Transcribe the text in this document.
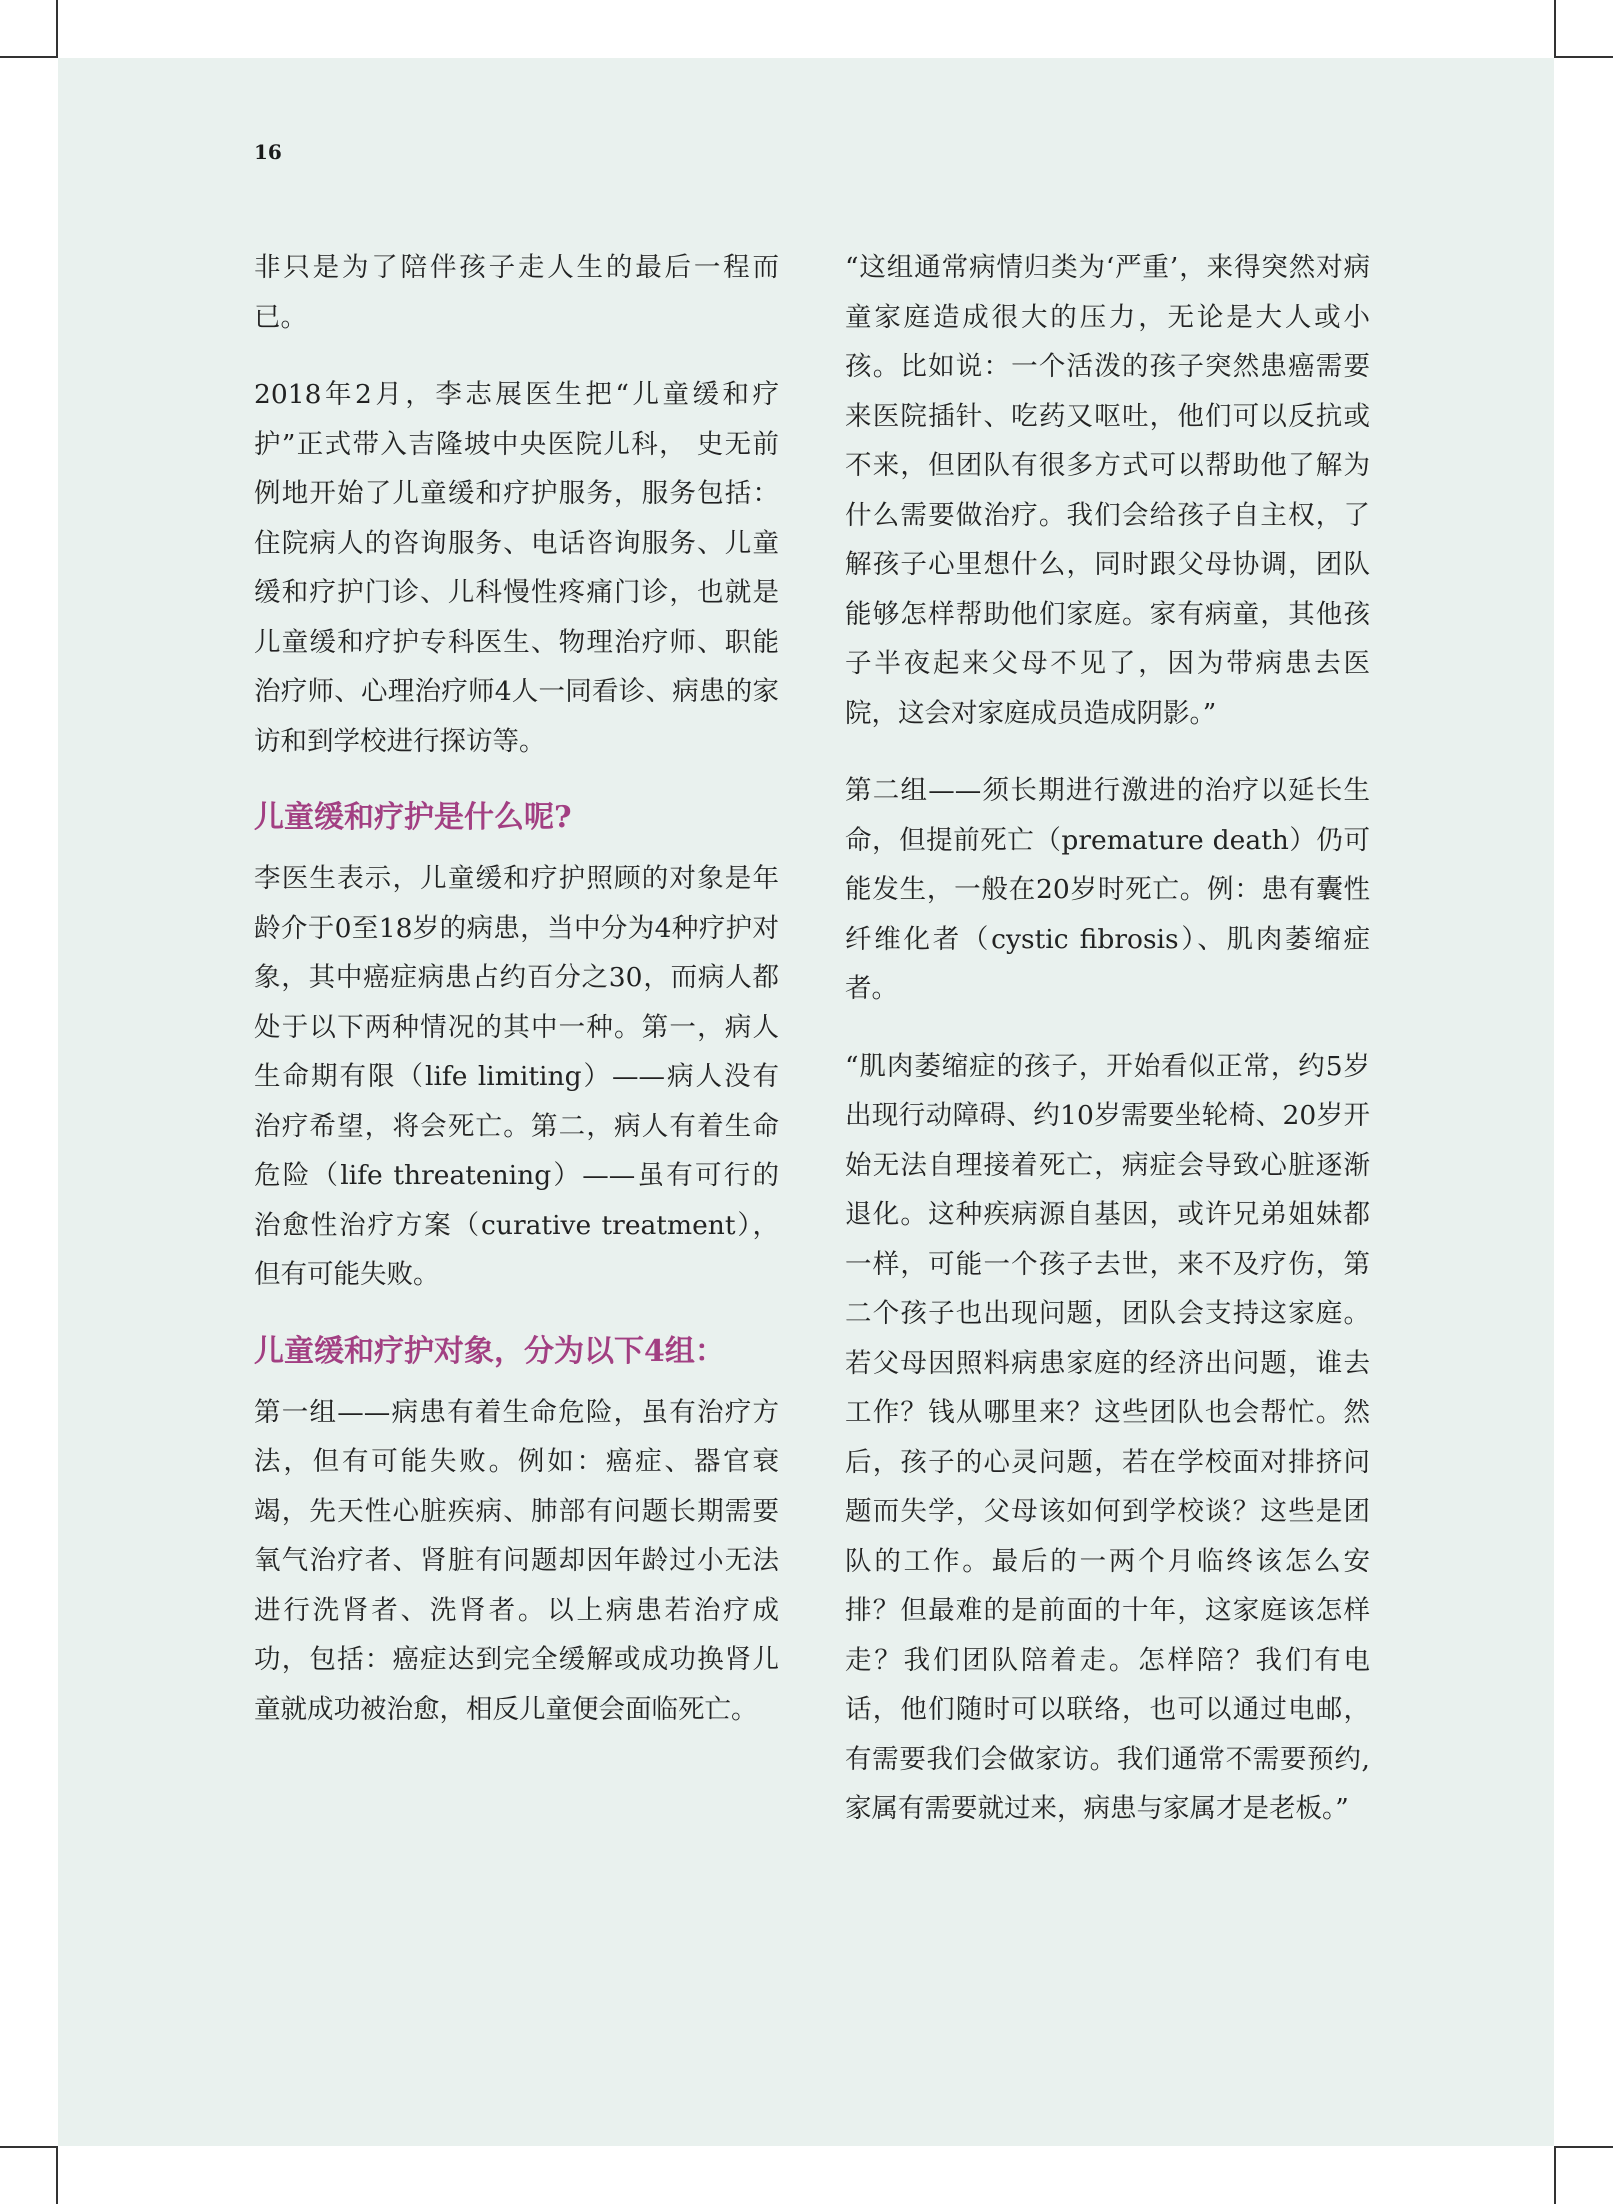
16

非只是为了陪伴孩子走人生的最后一程而已。

2018年2月，李志展医生把“儿童缓和疗护”正式带入吉隆坡中央医院儿科， 史无前例地开始了儿童缓和疗护服务，服务包括：住院病人的咨询服务、电话咨询服务、儿童缓和疗护门诊、儿科慢性疼痛门诊，也就是儿童缓和疗护专科医生、物理治疗师、职能治疗师、心理治疗师4人一同看诊、病患的家访和到学校进行探访等。

儿童缓和疗护是什么呢?

李医生表示，儿童缓和疗护照顾的对象是年龄介于0至18岁的病患，当中分为4种疗护对象，其中癌症病患占约百分之30，而病人都处于以下两种情况的其中一种。第一，病人生命期有限（life limiting）——病人没有治疗希望，将会死亡。第二，病人有着生命危险（life threatening）——虽有可行的治愈性治疗方案（curative treatment），但有可能失败。

儿童缓和疗护对象，分为以下4组：

第一组——病患有着生命危险，虽有治疗方法，但有可能失败。例如：癌症、器官衰竭，先天性心脏疾病、肺部有问题长期需要氧气治疗者、肾脏有问题却因年龄过小无法进行洗肾者、洗肾者。以上病患若治疗成功，包括：癌症达到完全缓解或成功换肾儿童就成功被治愈，相反儿童便会面临死亡。

“这组通常病情归类为‘严重’，来得突然对病童家庭造成很大的压力，无论是大人或小孩。比如说：一个活泼的孩子突然患癌需要来医院插针、吃药又呕吐，他们可以反抗或不来，但团队有很多方式可以帮助他了解为什么需要做治疗。我们会给孩子自主权，了解孩子心里想什么，同时跟父母协调，团队能够怎样帮助他们家庭。家有病童，其他孩子半夜起来父母不见了，因为带病患去医院，这会对家庭成员造成阴影。”

第二组——须长期进行激进的治疗以延长生命，但提前死亡（premature death）仍可能发生，一般在20岁时死亡。例：患有囊性纤维化者（cystic fibrosis）、肌肉萎缩症者。

“肌肉萎缩症的孩子，开始看似正常，约5岁出现行动障碍、约10岁需要坐轮椅、20岁开始无法自理接着死亡，病症会导致心脏逐渐退化。这种疾病源自基因，或许兄弟姐妹都一样，可能一个孩子去世，来不及疗伤，第二个孩子也出现问题，团队会支持这家庭。若父母因照料病患家庭的经济出问题，谁去工作？钱从哪里来？这些团队也会帮忙。然后，孩子的心灵问题，若在学校面对排挤问题而失学，父母该如何到学校谈？这些是团队的工作。最后的一两个月临终该怎么安排？但最难的是前面的十年，这家庭该怎样走？我们团队陪着走。怎样陪？我们有电话，他们随时可以联络，也可以通过电邮，有需要我们会做家访。我们通常不需要预约,家属有需要就过来，病患与家属才是老板。”
